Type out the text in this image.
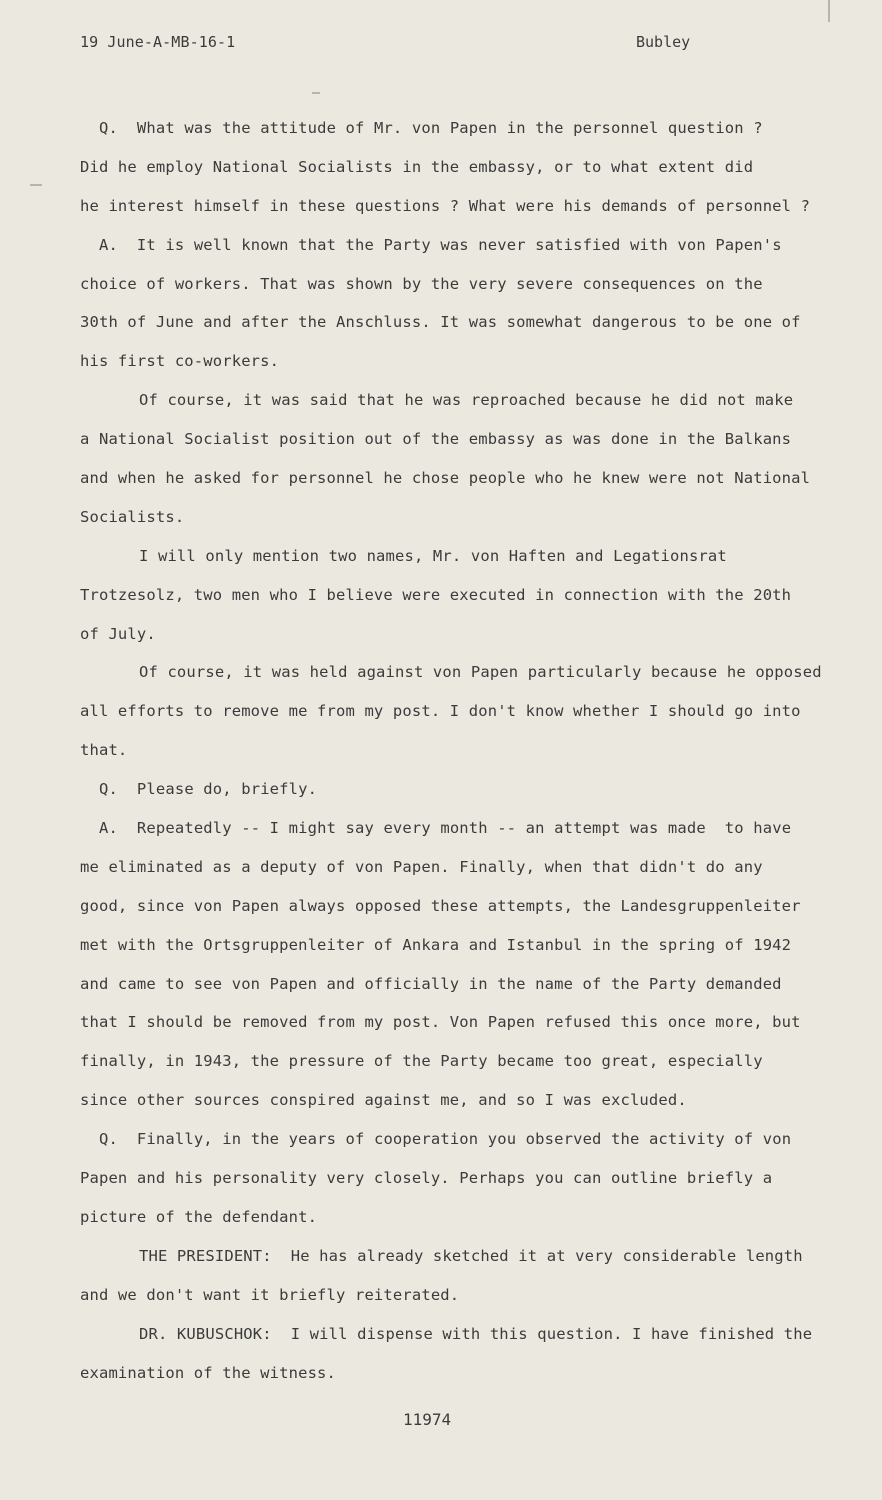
19 June-A-MB-16-1	Bubley
Q.  What was the attitude of Mr. von Papen in the personnel question ?
Did he employ National Socialists in the embassy, or to what extent did
he interest himself in these questions ? What were his demands of personnel ?
A.  It is well known that the Party was never satisfied with von Papen's
choice of workers. That was shown by the very severe consequences on the
30th of June and after the Anschluss. It was somewhat dangerous to be one of
his first co-workers.
Of course, it was said that he was reproached because he did not make
a National Socialist position out of the embassy as was done in the Balkans
and when he asked for personnel he chose people who he knew were not National
Socialists.
I will only mention two names, Mr. von Haften and Legationsrat
Trotzesolz, two men who I believe were executed in connection with the 20th
of July.
Of course, it was held against von Papen particularly because he opposed
all efforts to remove me from my post. I don't know whether I should go into
that.
Q.  Please do, briefly.
A.  Repeatedly -- I might say every month -- an attempt was made  to have
me eliminated as a deputy of von Papen. Finally, when that didn't do any
good, since von Papen always opposed these attempts, the Landesgruppenleiter
met with the Ortsgruppenleiter of Ankara and Istanbul in the spring of 1942
and came to see von Papen and officially in the name of the Party demanded
that I should be removed from my post. Von Papen refused this once more, but
finally, in 1943, the pressure of the Party became too great, especially
since other sources conspired against me, and so I was excluded.
Q.  Finally, in the years of cooperation you observed the activity of von
Papen and his personality very closely. Perhaps you can outline briefly a
picture of the defendant.
THE PRESIDENT:  He has already sketched it at very considerable length
and we don't want it briefly reiterated.
DR. KUBUSCHOK:  I will dispense with this question. I have finished the
examination of the witness.
11974
